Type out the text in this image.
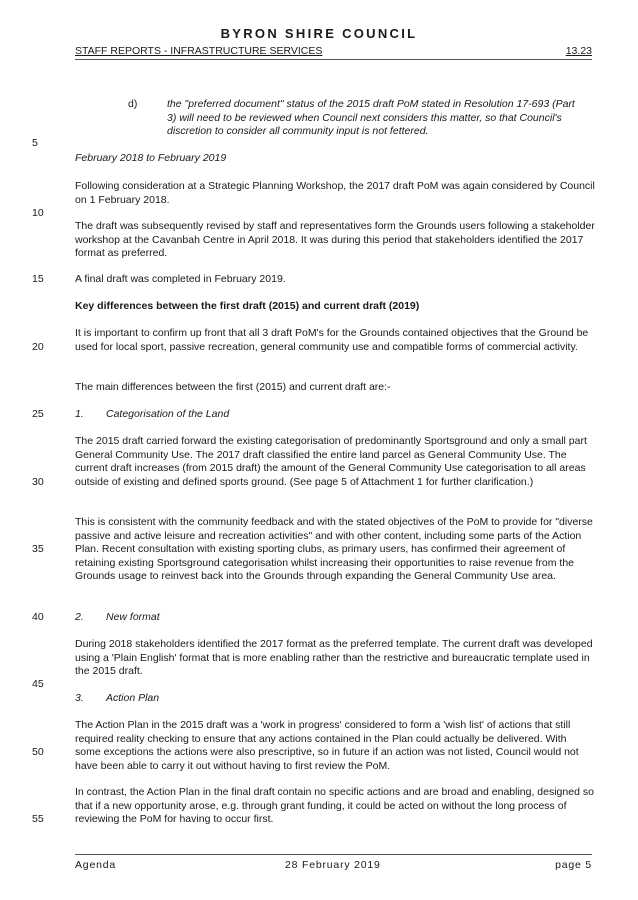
BYRON SHIRE COUNCIL
STAFF REPORTS - INFRASTRUCTURE SERVICES	13.23
5
10
15
20
25
30
35
40
45
50
55
d)	the "preferred document" status of the 2015 draft PoM stated in Resolution 17-693 (Part 3) will need to be reviewed when Council next considers this matter, so that Council's discretion to consider all community input is not fettered.
February 2018 to February 2019
Following consideration at a Strategic Planning Workshop, the 2017 draft PoM was again considered by Council on 1 February 2018.
The draft was subsequently revised by staff and representatives form the Grounds users following a stakeholder workshop at the Cavanbah Centre in April 2018. It was during this period that stakeholders identified the 2017 format as preferred.
A final draft was completed in February 2019.
Key differences between the first draft (2015) and current draft (2019)
It is important to confirm up front that all 3 draft PoM's for the Grounds contained objectives that the Ground be used for local sport, passive recreation, general community use and compatible forms of commercial activity.
The main differences between the first (2015) and current draft are:-
1. Categorisation of the Land
The 2015 draft carried forward the existing categorisation of predominantly Sportsground and only a small part General Community Use. The 2017 draft classified the entire land parcel as General Community Use. The current draft increases (from 2015 draft) the amount of the General Community Use categorisation to all areas outside of existing and defined sports ground. (See page 5 of Attachment 1 for further clarification.)
This is consistent with the community feedback and with the stated objectives of the PoM to provide for "diverse passive and active leisure and recreation activities" and with other content, including some parts of the Action Plan. Recent consultation with existing sporting clubs, as primary users, has confirmed their agreement of retaining existing Sportsground categorisation whilst increasing their opportunities to raise revenue from the Grounds usage to reinvest back into the Grounds through expanding the General Community Use area.
2. New format
During 2018 stakeholders identified the 2017 format as the preferred template. The current draft was developed using a 'Plain English' format that is more enabling rather than the restrictive and bureaucratic template used in the 2015 draft.
3. Action Plan
The Action Plan in the 2015 draft was a 'work in progress' considered to form a 'wish list' of actions that still required reality checking to ensure that any actions contained in the Plan could actually be delivered. With some exceptions the actions were also prescriptive, so in future if an action was not listed, Council would not have been able to carry it out without having to first review the PoM.
In contrast, the Action Plan in the final draft contain no specific actions and are broad and enabling, designed so that if a new opportunity arose, e.g. through grant funding, it could be acted on without the long process of reviewing the PoM for having to occur first.
Agenda	28 February 2019	page 5
